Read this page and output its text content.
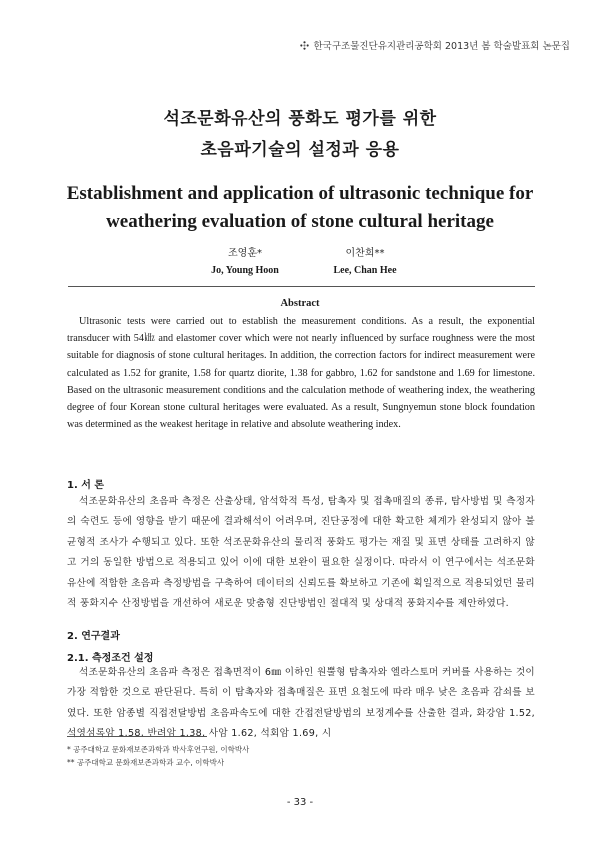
한국구조물진단유지관리공학회 2013년 봄 학술발표회 논문집
석조문화유산의 풍화도 평가를 위한
초음파기술의 설정과 응용
Establishment and application of ultrasonic technique for
weathering evaluation of stone cultural heritage
조영훈*
Jo, Young Hoon
이찬희**
Lee, Chan Hee
Abstract

Ultrasonic tests were carried out to establish the measurement conditions. As a result, the exponential transducer with 54㎑ and elastomer cover which were not nearly influenced by surface roughness were the most suitable for diagnosis of stone cultural heritages. In addition, the correction factors for indirect measurement were calculated as 1.52 for granite, 1.58 for quartz diorite, 1.38 for gabbro, 1.62 for sandstone and 1.69 for limestone. Based on the ultrasonic measurement conditions and the calculation methode of weathering index, the weathering degree of four Korean stone cultural heritages were evaluated. As a result, Sungnyemun stone block foundation was determined as the weakest heritage in relative and absolute weathering index.

1. 서 론

석조문화유산의 초음파 측정은 산출상태, 암석학적 특성, 탐촉자 및 접촉매질의 종류, 탐사방법 및 측정자의 숙련도 등에 영향을 받기 때문에 결과해석이 어려우며, 진단공정에 대한 확고한 체계가 완성되지 않아 불균형적 조사가 수행되고 있다. 또한 석조문화유산의 물리적 풍화도 평가는 재질 및 표면 상태를 고려하지 않고 거의 동일한 방법으로 적용되고 있어 이에 대한 보완이 필요한 실정이다. 따라서 이 연구에서는 석조문화유산에 적합한 초음파 측정방법을 구축하여 데이터의 신뢰도를 확보하고 기존에 획일적으로 적용되었던 물리적 풍화지수 산정방법을 개선하여 새로운 맞춤형 진단방법인 절대적 및 상대적 풍화지수를 제안하였다.

2. 연구결과
2.1. 측정조건 설정

석조문화유산의 초음파 측정은 접촉면적이 6㎜ 이하인 원뿔형 탐촉자와 엘라스토머 커버를 사용하는 것이 가장 적합한 것으로 판단된다. 특히 이 탐촉자와 접촉매질은 표면 요철도에 따라 매우 낮은 초음파 감쇠를 보였다. 또한 암종별 직접전달방법 초음파속도에 대한 간접전달방법의 보정계수를 산출한 결과, 화강암 1.52, 석영섬록암 1.58, 반려암 1.38, 사암 1.62, 석회암 1.69, 시

* 공주대학교 문화재보존과학과 박사후연구원, 이학박사
** 공주대학교 문화재보존과학과 교수, 이학박사
- 33 -
